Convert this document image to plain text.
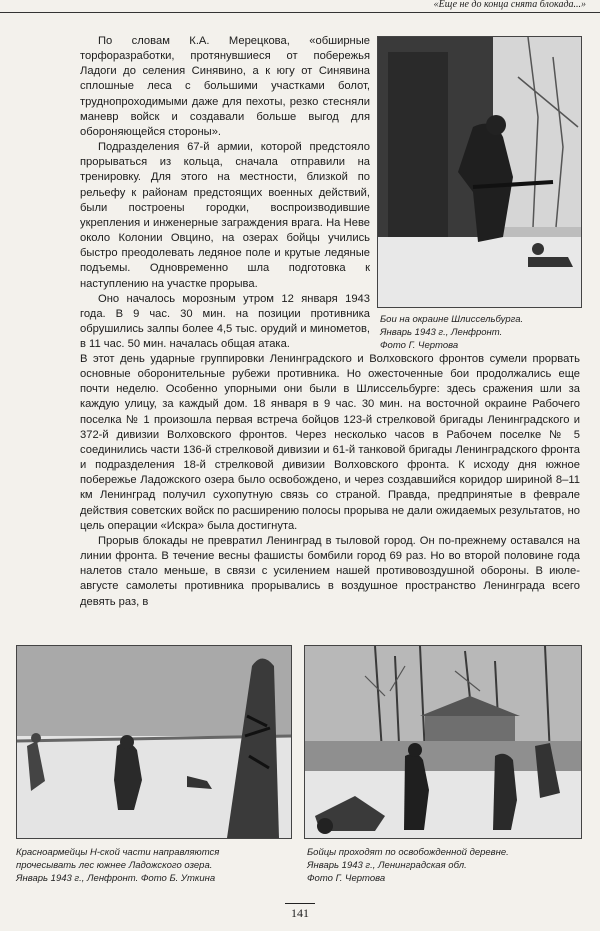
«Еще не до конца снята блокада...»
По словам К.А. Мерецкова, «обширные торфоразработки, протянувшиеся от побережья Ладоги до селения Синявино, а к югу от Синявина сплошные леса с большими участками болот, труднопроходимыми даже для пехоты, резко стесняли маневр войск и создавали больше выгод для обороняющейся стороны».
Подразделения 67-й армии, которой предстояло прорываться из кольца, сначала отправили на тренировку. Для этого на местности, близкой по рельефу к районам предстоящих военных действий, были построены городки, воспроизводившие укрепления и инженерные заграждения врага. На Неве около Колонии Овцино, на озерах бойцы учились быстро преодолевать ледяное поле и крутые ледяные подъемы. Одновременно шла подготовка к наступлению на участке прорыва.
Оно началось морозным утром 12 января 1943 года. В 9 час. 30 мин. на позиции противника обрушились залпы более 4,5 тыс. орудий и минометов, в 11 час. 50 мин. началась общая атака.
Бои на окраине Шлиссельбурга.
Январь 1943 г., Ленфронт.
Фото Г. Чертова
В этот день ударные группировки Ленинградского и Волховского фронтов сумели прорвать основные оборонительные рубежи противника. Но ожесточенные бои продолжались еще почти неделю. Особенно упорными они были в Шлиссельбурге: здесь сражения шли за каждую улицу, за каждый дом. 18 января в 9 час. 30 мин. на восточной окраине Рабочего поселка № 1 произошла первая встреча бойцов 123-й стрелковой бригады Ленинградского и 372-й дивизии Волховского фронтов. Через несколько часов в Рабочем поселке № 5 соединились части 136-й стрелковой дивизии и 61-й танковой бригады Ленинградского фронта и подразделения 18-й стрелковой дивизии Волховского фронта. К исходу дня южное побережье Ладожского озера было освобождено, и через создавшийся коридор шириной 8–11 км Ленинград получил сухопутную связь со страной. Правда, предпринятые в феврале действия советских войск по расширению полосы прорыва не дали ожидаемых результатов, но цель операции «Искра» была достигнута.
Прорыв блокады не превратил Ленинград в тыловой город. Он по-прежнему оставался на линии фронта. В течение весны фашисты бомбили город 69 раз. Но во второй половине года налетов стало меньше, в связи с усилением нашей противовоздушной обороны. В июле-августе самолеты противника прорывались в воздушное пространство Ленинграда всего девять раз, в
Красноармейцы Н-ской части направляются
прочесывать лес южнее Ладожского озера.
Январь 1943 г., Ленфронт. Фото Б. Уткина
Бойцы проходят по освобожденной деревне.
Январь 1943 г., Ленинградская обл.
Фото Г. Чертова
141
